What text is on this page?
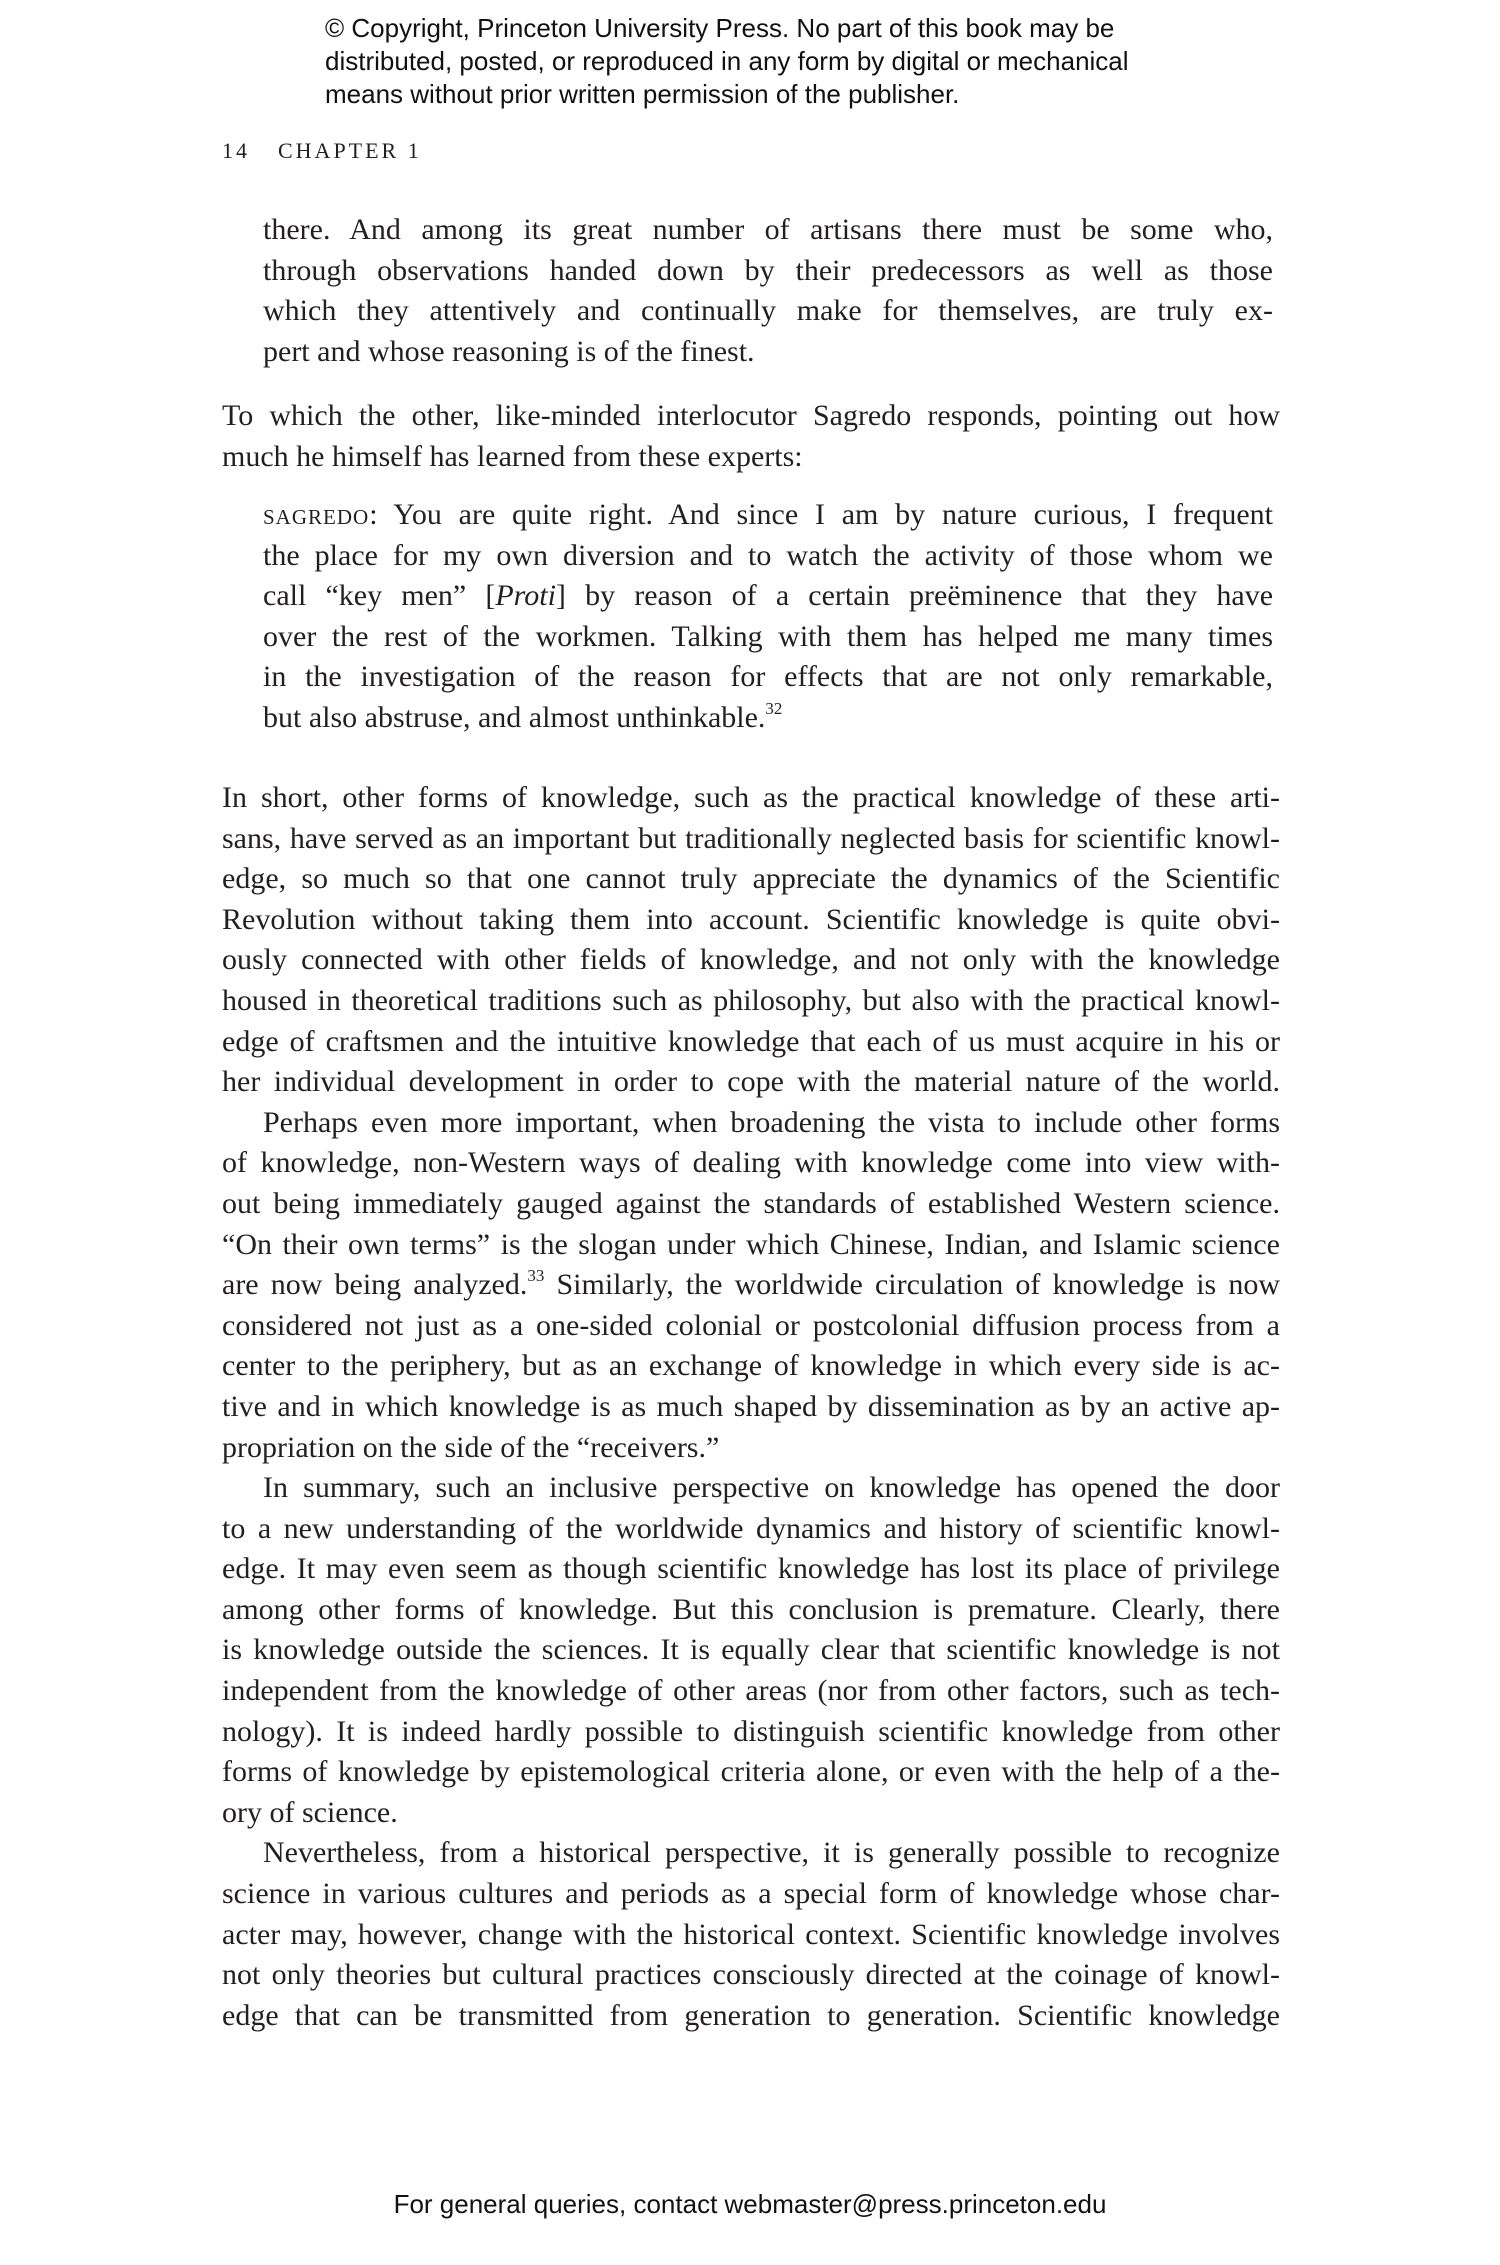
© Copyright, Princeton University Press. No part of this book may be
distributed, posted, or reproduced in any form by digital or mechanical
means without prior written permission of the publisher.
14 CHAPTER 1
there. And among its great number of artisans there must be some who,
through observations handed down by their predecessors as well as those
which they attentively and continually make for themselves, are truly ex-
pert and whose reasoning is of the finest.
To which the other, like-minded interlocutor Sagredo responds, pointing out how
much he himself has learned from these experts:
sagredo: You are quite right. And since I am by nature curious, I frequent
the place for my own diversion and to watch the activity of those whom we
call “key men” [Proti] by reason of a certain preëminence that they have
over the rest of the workmen. Talking with them has helped me many times
in the investigation of the reason for effects that are not only remarkable,
but also abstruse, and almost unthinkable.$^{32}$
In short, other forms of knowledge, such as the practical knowledge of these arti-
sans, have served as an important but traditionally neglected basis for scientific knowl-
edge, so much so that one cannot truly appreciate the dynamics of the Scientific
Revolution without taking them into account. Scientific knowledge is quite obvi-
ously connected with other fields of knowledge, and not only with the knowledge
housed in theoretical traditions such as philosophy, but also with the practical knowl-
edge of craftsmen and the intuitive knowledge that each of us must acquire in his or
her individual development in order to cope with the material nature of the world.
Perhaps even more important, when broadening the vista to include other forms
of knowledge, non-Western ways of dealing with knowledge come into view with-
out being immediately gauged against the standards of established Western science.
“On their own terms” is the slogan under which Chinese, Indian, and Islamic science
are now being analyzed.$^{33}$ Similarly, the worldwide circulation of knowledge is now
considered not just as a one-sided colonial or postcolonial diffusion process from a
center to the periphery, but as an exchange of knowledge in which every side is ac-
tive and in which knowledge is as much shaped by dissemination as by an active ap-
propriation on the side of the “receivers.”
In summary, such an inclusive perspective on knowledge has opened the door
to a new understanding of the worldwide dynamics and history of scientific knowl-
edge. It may even seem as though scientific knowledge has lost its place of privilege
among other forms of knowledge. But this conclusion is premature. Clearly, there
is knowledge outside the sciences. It is equally clear that scientific knowledge is not
independent from the knowledge of other areas (nor from other factors, such as tech-
nology). It is indeed hardly possible to distinguish scientific knowledge from other
forms of knowledge by epistemological criteria alone, or even with the help of a the-
ory of science.
Nevertheless, from a historical perspective, it is generally possible to recognize
science in various cultures and periods as a special form of knowledge whose char-
acter may, however, change with the historical context. Scientific knowledge involves
not only theories but cultural practices consciously directed at the coinage of knowl-
edge that can be transmitted from generation to generation. Scientific knowledge
For general queries, contact webmaster@press.princeton.edu
